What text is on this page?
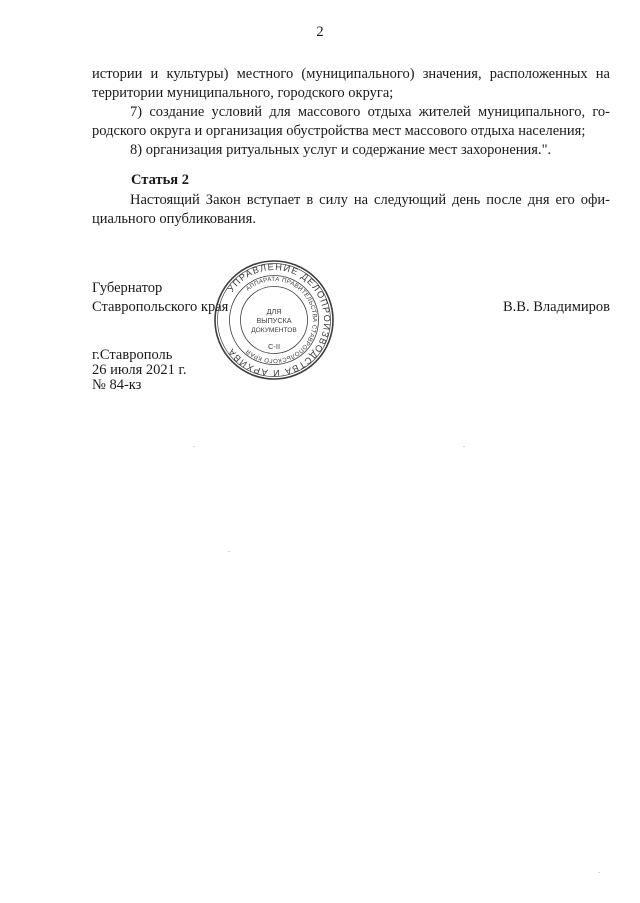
2

истории и культуры) местного (муниципального) значения, расположенных на

территории муниципального, городского округа;

7) создание условий для массового отдыха жителей муниципального, го-

родского округа и организация обустройства мест массового отдыха населения;

8) организация ритуальных услуг и содержание мест захоронения.".

Статья 2

Настоящий Закон вступает в силу на следующий день после дня его офи-

циального опубликования.

Губернатор
Ставропольского края	В.В. Владимиров
г.Ставрополь
26 июля 2021 г.
№ 84-кз
УПРАВЛЕНИЕ ДЕЛОПРОИЗВОДСТВА И АРХИВА
АППАРАТА ПРАВИТЕЛЬСТВА СТАВРОПОЛЬСКОГО КРАЯ
ДЛЯ
ВЫПУСКА
ДОКУМЕНТОВ
С-II
